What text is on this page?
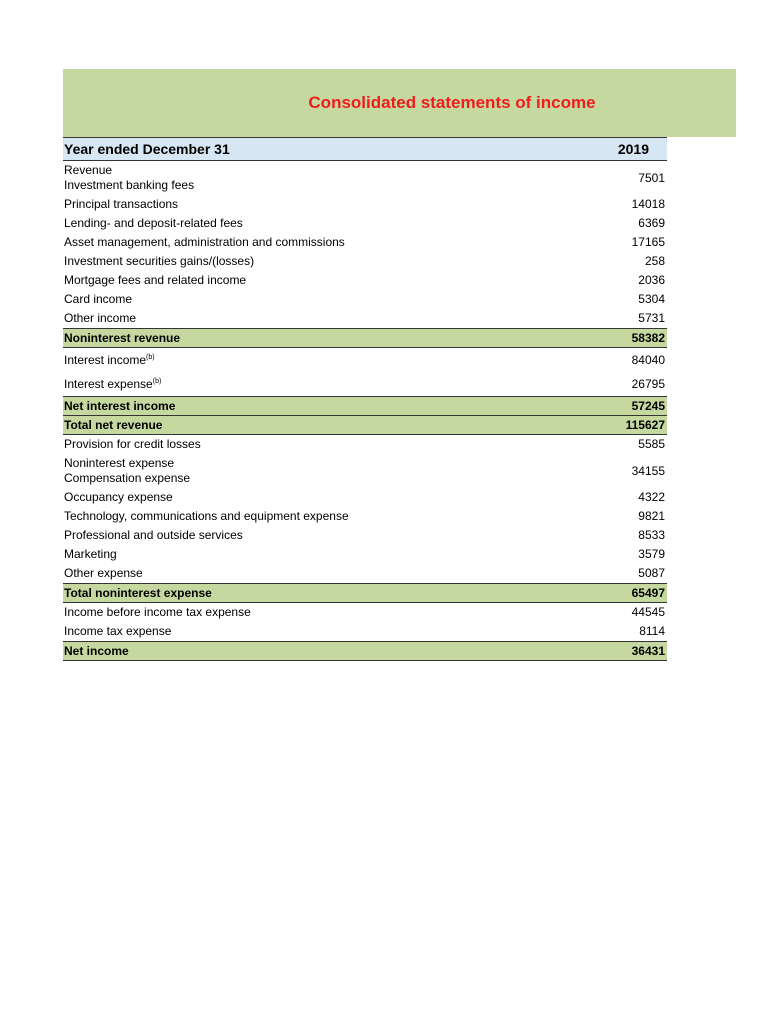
Consolidated statements of income
Year ended December 31	2019

Revenue
Investment banking fees	7501
Principal transactions	14018
Lending- and deposit-related fees	6369
Asset management, administration and commissions	17165
Investment securities gains/(losses)	258
Mortgage fees and related income	2036
Card income	5304
Other income	5731
Noninterest revenue	58382
Interest income$^{(b)}$	84040
Interest expense$^{(b)}$	26795
Net interest income	57245
Total net revenue	115627
Provision for credit losses	5585

Noninterest expense
Compensation expense	34155
Occupancy expense	4322
Technology, communications and equipment expense	9821
Professional and outside services	8533
Marketing	3579
Other expense	5087
Total noninterest expense	65497
Income before income tax expense	44545
Income tax expense	8114
Net income	36431
